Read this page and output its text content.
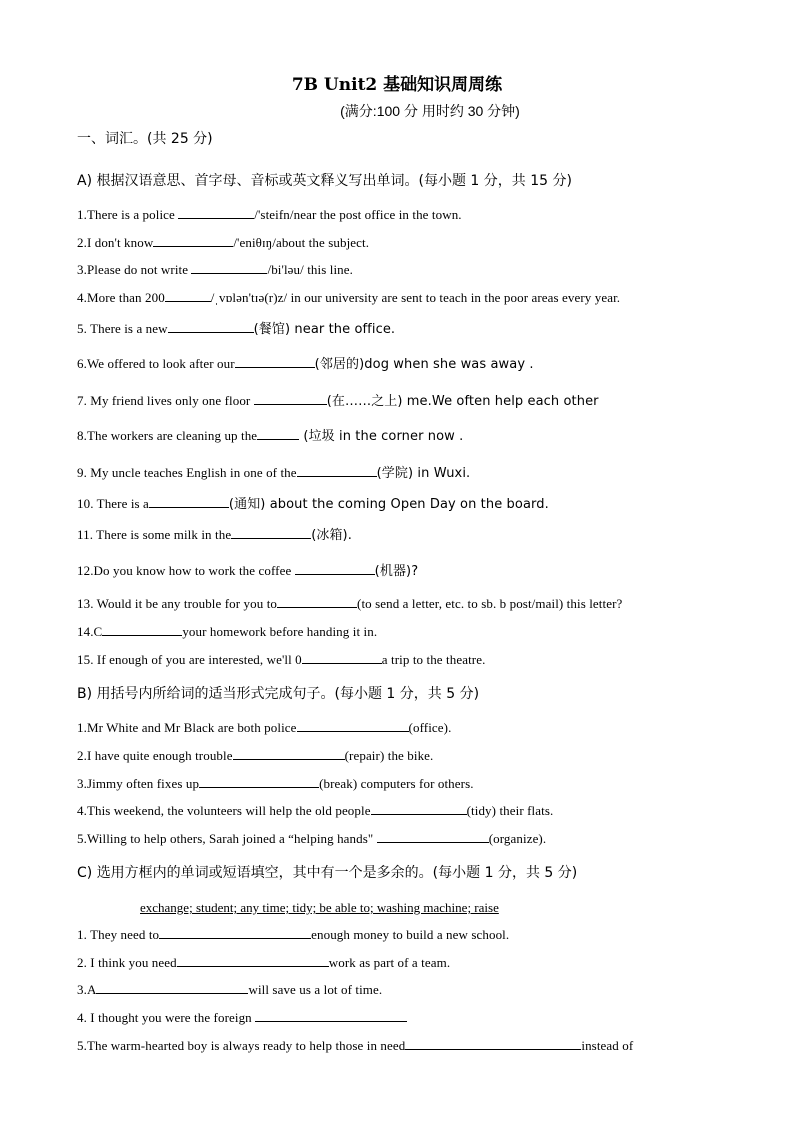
7B Unit2 基础知识周周练
(满分:100 分 用时约 30 分钟)
一、词汇。(共 25 分)
A) 根据汉语意思、首字母、音标或英文释义写出单词。(每小题 1 分，共 15 分)
1.There is a police	/'steifn/near the post office in the town.
2.I don't know	/'eniθɪŋ/about the subject.
3.Please do not write	/bi'ləu/ this line.
4.More than 200	/ˌvɒlən'tɪə(r)z/ in our university are sent to teach in the poor areas every year.
5. There is a new	(餐馆) near the office.
6.We offered to look after our	(邻居的)dog when she was away .
7. My friend lives only one floor	(在……之上) me.We often help each other
8.The workers are cleaning up the	(垃圾 in the corner now .
9. My uncle teaches English in one of the	(学院) in Wuxi.
10. There is a	(通知) about the coming Open Day on the board.
11. There is some milk in the	(冰箱).
12.Do you know how to work the coffee	(机器)?
13. Would it be any trouble for you to	(to send a letter, etc. to sb. b post/mail) this letter?
14.C	your homework before handing it in.
15. If enough of you are interested, we'll 0	a trip to the theatre.
B) 用括号内所给词的适当形式完成句子。(每小题 1 分，共 5 分)
1.Mr White and Mr Black are both police	(office).
2.I have quite enough trouble	(repair) the bike.
3.Jimmy often fixes up	(break) computers for others.
4.This weekend, the volunteers will help the old people	(tidy) their flats.
5.Willing to help others, Sarah joined a “helping hands"	(organize).
C) 选用方框内的单词或短语填空，其中有一个是多余的。(每小题 1 分，共 5 分)
exchange; student; any time; tidy; be able to; washing machine; raise
1. They need to	enough money to build a new school.
2. I think you need	work as part of a team.
3.A	will save us a lot of time.
4. I thought you were the foreign
5.The warm-hearted boy is always ready to help those in need	instead of
